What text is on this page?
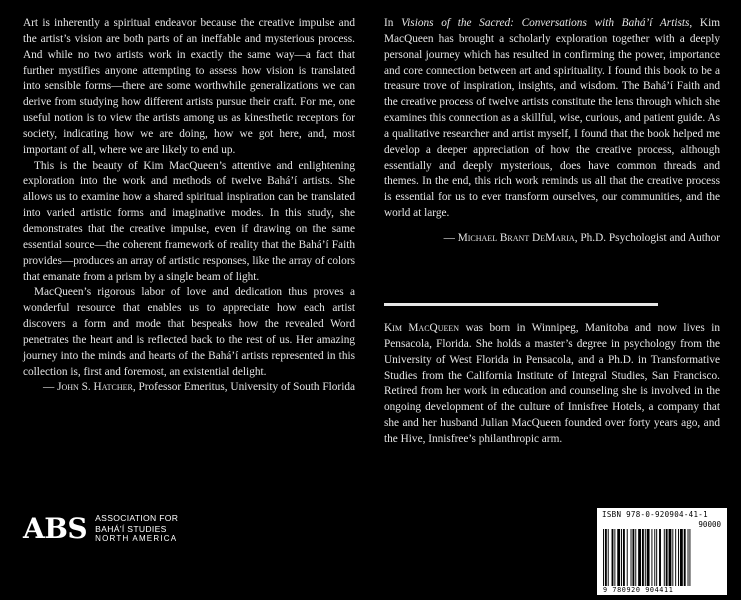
Art is inherently a spiritual endeavor because the creative impulse and the artist’s vision are both parts of an ineffable and mysterious process. And while no two artists work in exactly the same way—a fact that further mystifies anyone attempting to assess how vision is translated into sensible forms—there are some worthwhile generalizations we can derive from studying how different artists pursue their craft. For me, one useful notion is to view the artists among us as kinesthetic receptors for society, indicating how we are doing, how we got here, and, most important of all, where we are likely to end up.

This is the beauty of Kim MacQueen’s attentive and enlightening exploration into the work and methods of twelve Bahá’í artists. She allows us to examine how a shared spiritual inspiration can be translated into varied artistic forms and imaginative modes. In this study, she demonstrates that the creative impulse, even if drawing on the same essential source—the coherent framework of reality that the Bahá’í Faith provides—produces an array of artistic responses, like the array of colors that emanate from a prism by a single beam of light.

MacQueen’s rigorous labor of love and dedication thus proves a wonderful resource that enables us to appreciate how each artist discovers a form and mode that bespeaks how the revealed Word penetrates the heart and is reflected back to the rest of us. Her amazing journey into the minds and hearts of the Bahá’í artists represented in this collection is, first and foremost, an existential delight.

— John S. Hatcher, Professor Emeritus, University of South Florida

In Visions of the Sacred: Conversations with Bahá’í Artists, Kim MacQueen has brought a scholarly exploration together with a deeply personal journey which has resulted in confirming the power, importance and core connection between art and spirituality. I found this book to be a treasure trove of inspiration, insights, and wisdom. The Bahá’í Faith and the creative process of twelve artists constitute the lens through which she examines this connection as a skillful, wise, curious, and patient guide. As a qualitative researcher and artist myself, I found that the book helped me develop a deeper appreciation of how the creative process, although essentially and deeply mysterious, does have common threads and themes. In the end, this rich work reminds us all that the creative process is essential for us to ever transform ourselves, our communities, and the world at large.

— Michael Brant DeMaria, Ph.D. Psychologist and Author

Kim MacQueen was born in Winnipeg, Manitoba and now lives in Pensacola, Florida. She holds a master’s degree in psychology from the University of West Florida in Pensacola, and a Ph.D. in Transformative Studies from the California Institute of Integral Studies, San Francisco. Retired from her work in education and counseling she is involved in the ongoing development of the culture of Innisfree Hotels, a company that she and her husband Julian MacQueen founded over forty years ago, and the Hive, Innisfree’s philanthropic arm.

ABS ASSOCIATION FOR
BAHÁ’Í STUDIES
NORTH AMERICA
ISBN 978-0-920904-41-1
90000
9 780920 904411
